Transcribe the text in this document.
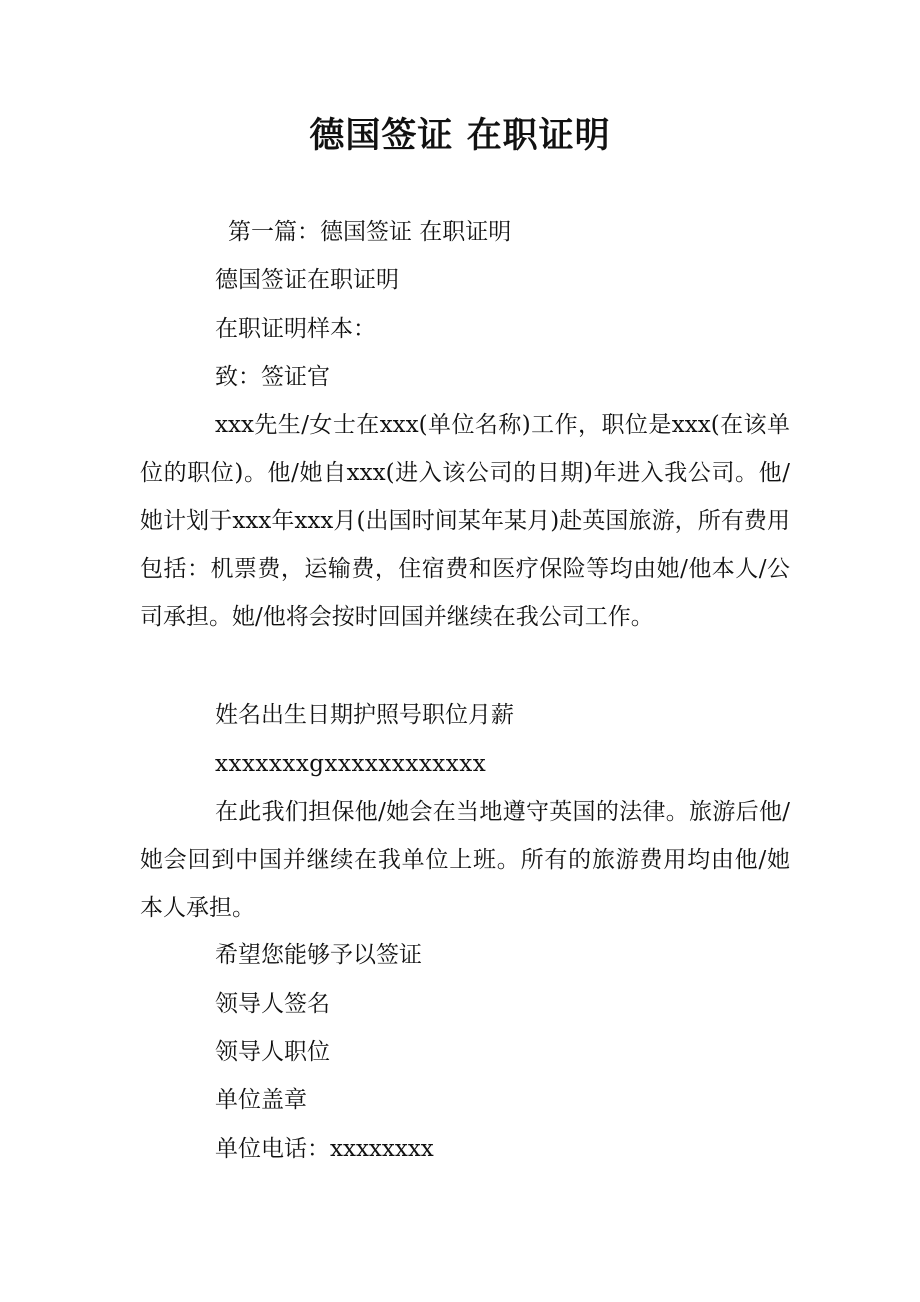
德国签证 在职证明
第一篇：德国签证 在职证明
德国签证在职证明
在职证明样本：
致：签证官
xxx先生/女士在xxx(单位名称)工作，职位是xxx(在该单位的职位)。他/她自xxx(进入该公司的日期)年进入我公司。他/她计划于xxx年xxx月(出国时间某年某月)赴英国旅游，所有费用包括：机票费，运输费，住宿费和医疗保险等均由她/他本人/公司承担。她/他将会按时回国并继续在我公司工作。
姓名出生日期护照号职位月薪
xxxxxxxgxxxxxxxxxxxx
在此我们担保他/她会在当地遵守英国的法律。旅游后他/她会回到中国并继续在我单位上班。所有的旅游费用均由他/她本人承担。
希望您能够予以签证
领导人签名
领导人职位
单位盖章
单位电话：xxxxxxxx
